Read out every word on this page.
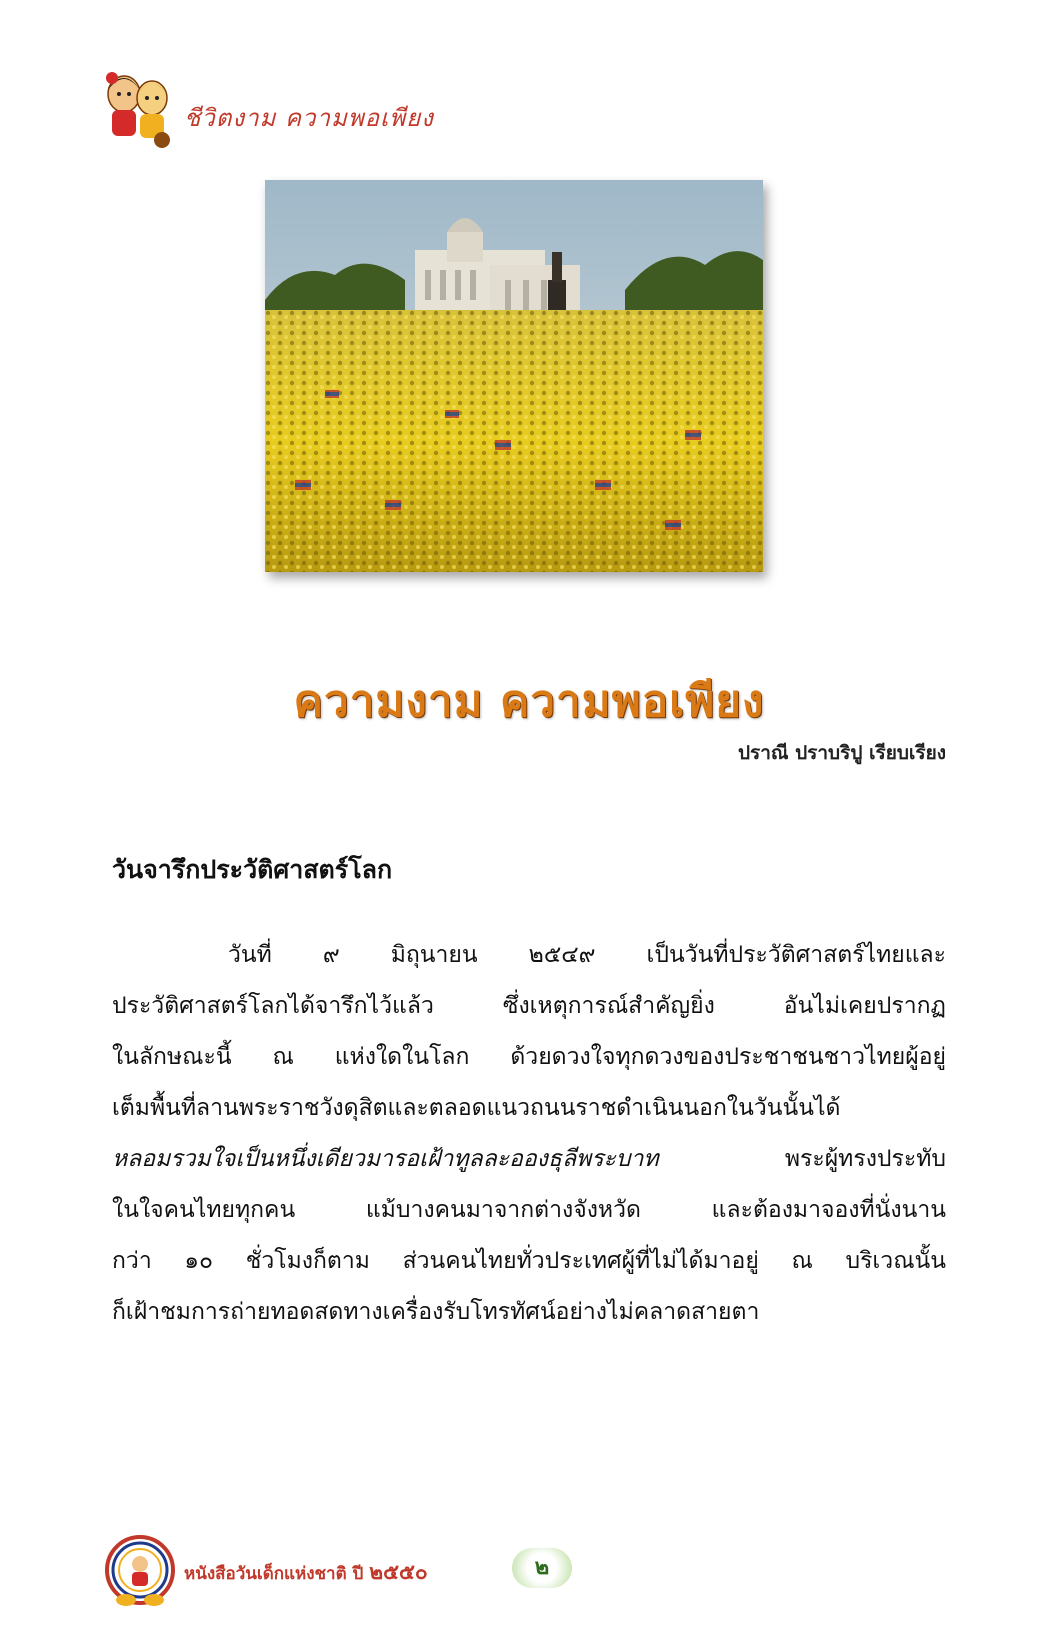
ชีวิตงาม ความพอเพียง
ความงาม ความพอเพียง
ปราณี ปราบริปู เรียบเรียง
วันจารึกประวัติศาสตร์โลก
วันที่ ๙ มิถุนายน ๒๕๔๙ เป็นวันที่ประวัติศาสตร์ไทยและ
ประวัติศาสตร์โลกได้จารึกไว้แล้ว ซึ่งเหตุการณ์สำคัญยิ่ง อันไม่เคยปรากฏ
ในลักษณะนี้ ณ แห่งใดในโลก ด้วยดวงใจทุกดวงของประชาชนชาวไทยผู้อยู่
เต็มพื้นที่ลานพระราชวังดุสิตและตลอดแนวถนนราชดำเนินนอกในวันนั้นได้
หลอมรวมใจเป็นหนึ่งเดียวมารอเฝ้าทูลละอองธุลีพระบาท พระผู้ทรงประทับ
ในใจคนไทยทุกคน แม้บางคนมาจากต่างจังหวัด และต้องมาจองที่นั่งนาน
กว่า ๑๐ ชั่วโมงก็ตาม ส่วนคนไทยทั่วประเทศผู้ที่ไม่ได้มาอยู่ ณ บริเวณนั้น
ก็เฝ้าชมการถ่ายทอดสดทางเครื่องรับโทรทัศน์อย่างไม่คลาดสายตา
หนังสือวันเด็กแห่งชาติ ปี ๒๕๕๐	๒
